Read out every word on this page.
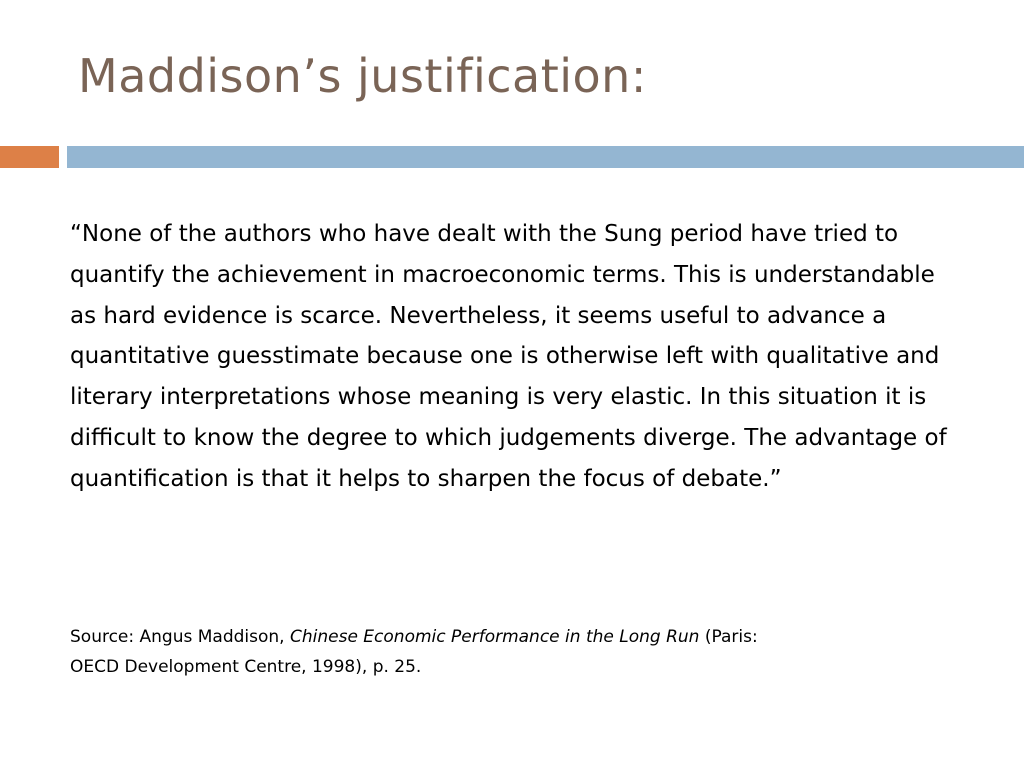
Maddison’s justification:

“None of the authors who have dealt with the Sung period have tried to quantify the achievement in macroeconomic terms. This is understandable as hard evidence is scarce. Nevertheless, it seems useful to advance a quantitative guesstimate because one is otherwise left with qualitative and literary interpretations whose meaning is very elastic. In this situation it is difficult to know the degree to which judgements diverge. The advantage of quantification is that it helps to sharpen the focus of debate.”

Source: Angus Maddison, Chinese Economic Performance in the Long Run (Paris:
OECD Development Centre, 1998), p. 25.
